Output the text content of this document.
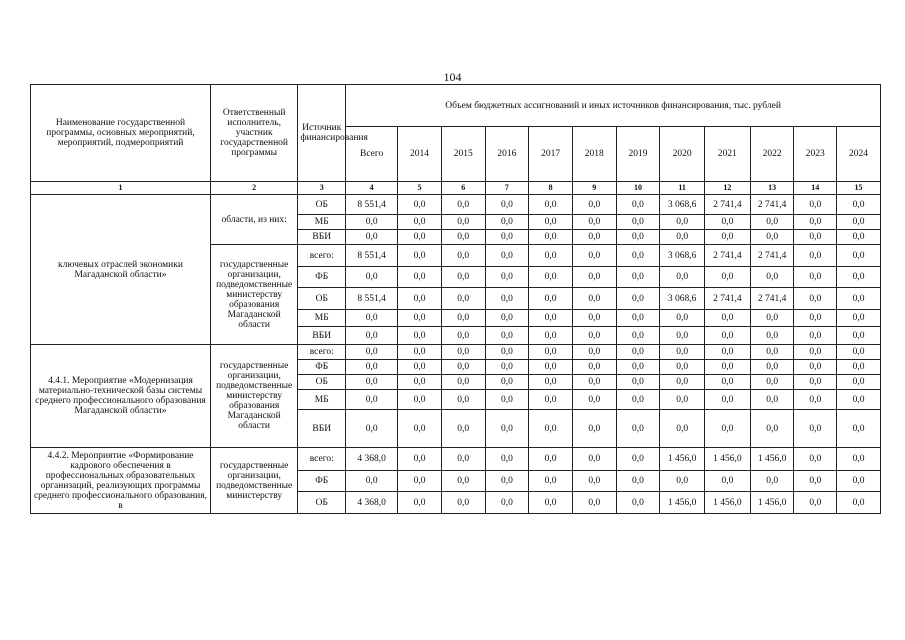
104
Наименование государственной программы, основных мероприятий, мероприятий, подмероприятий	Ответственный исполнитель, участник государственной программы	Источник финансирования	Объем бюджетных ассигнований и иных источников финансирования, тыс. рублей											
			Всего	2014	2015	2016	2017	2018	2019	2020	2021	2022	2023	2024
1	2	3	4	5	6	7	8	9	10	11	12	13	14	15
ключевых отраслей экономики Магаданской области»	области, из них:	ОБ	8 551,4	0,0	0,0	0,0	0,0	0,0	0,0	3 068,6	2 741,4	2 741,4	0,0	0,0
		МБ	0,0	0,0	0,0	0,0	0,0	0,0	0,0	0,0	0,0	0,0	0,0	0,0
		ВБИ	0,0	0,0	0,0	0,0	0,0	0,0	0,0	0,0	0,0	0,0	0,0	0,0
	государственные организации, подведомственные министерству образования Магаданской области	всего:	8 551,4	0,0	0,0	0,0	0,0	0,0	0,0	3 068,6	2 741,4	2 741,4	0,0	0,0
		ФБ	0,0	0,0	0,0	0,0	0,0	0,0	0,0	0,0	0,0	0,0	0,0	0,0
		ОБ	8 551,4	0,0	0,0	0,0	0,0	0,0	0,0	3 068,6	2 741,4	2 741,4	0,0	0,0
		МБ	0,0	0,0	0,0	0,0	0,0	0,0	0,0	0,0	0,0	0,0	0,0	0,0
		ВБИ	0,0	0,0	0,0	0,0	0,0	0,0	0,0	0,0	0,0	0,0	0,0	0,0
4.4.1. Мероприятие «Модернизация материально-технической базы системы среднего профессионального образования Магаданской области»	государственные организации, подведомственные министерству образования Магаданской области	всего:	0,0	0,0	0,0	0,0	0,0	0,0	0,0	0,0	0,0	0,0	0,0	0,0
		ФБ	0,0	0,0	0,0	0,0	0,0	0,0	0,0	0,0	0,0	0,0	0,0	0,0
		ОБ	0,0	0,0	0,0	0,0	0,0	0,0	0,0	0,0	0,0	0,0	0,0	0,0
		МБ	0,0	0,0	0,0	0,0	0,0	0,0	0,0	0,0	0,0	0,0	0,0	0,0
		ВБИ	0,0	0,0	0,0	0,0	0,0	0,0	0,0	0,0	0,0	0,0	0,0	0,0
4.4.2. Мероприятие «Формирование кадрового обеспечения в профессиональных образовательных организаций, реализующих программы среднего профессионального образования, в	государственные организации, подведомственные министерству	всего:	4 368,0	0,0	0,0	0,0	0,0	0,0	0,0	1 456,0	1 456,0	1 456,0	0,0	0,0
		ФБ	0,0	0,0	0,0	0,0	0,0	0,0	0,0	0,0	0,0	0,0	0,0	0,0
		ОБ	4 368,0	0,0	0,0	0,0	0,0	0,0	0,0	1 456,0	1 456,0	1 456,0	0,0	0,0
